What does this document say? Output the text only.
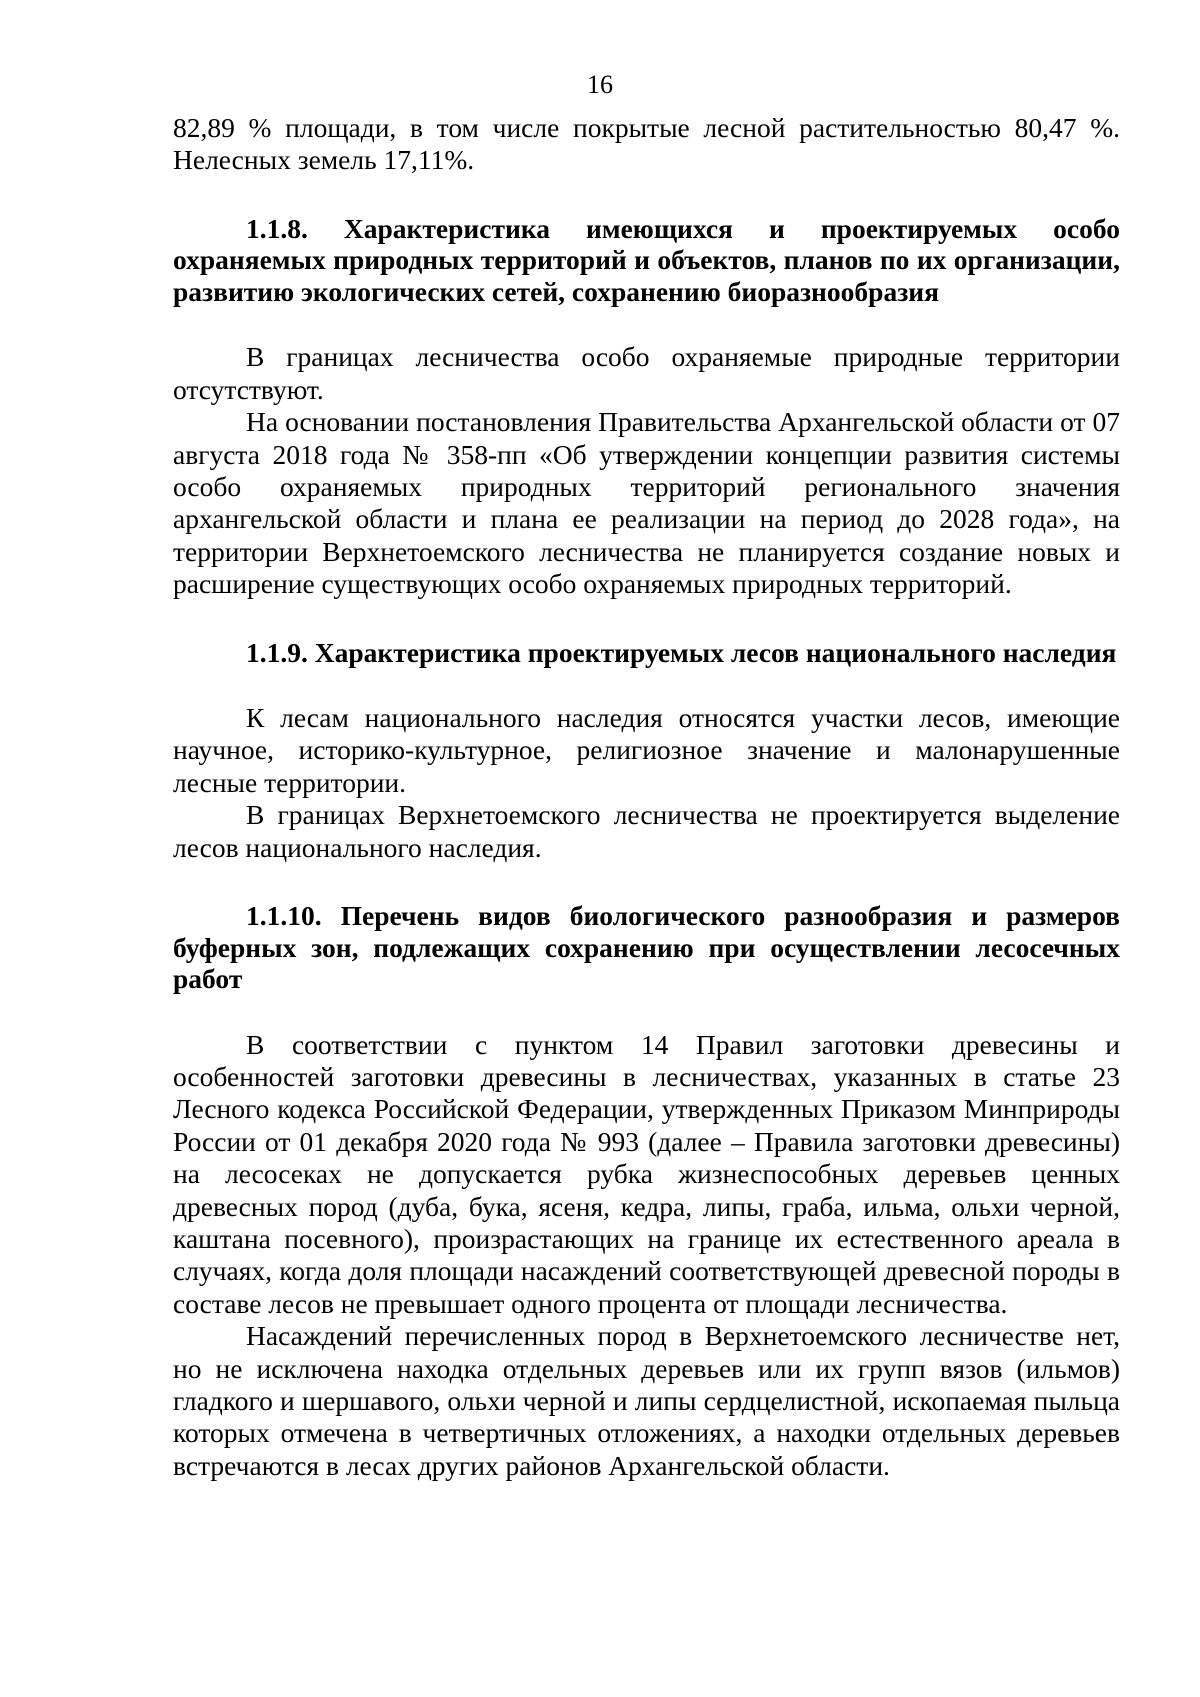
16

82,89 % площади, в том числе покрытые лесной растительностью 80,47 %. Нелесных земель 17,11%.

1.1.8. Характеристика имеющихся и проектируемых особо охраняемых природных территорий и объектов, планов по их организации, развитию экологических сетей, сохранению биоразнообразия

В границах лесничества особо охраняемые природные территории отсутствуют.

На основании постановления Правительства Архангельской области от 07 августа 2018 года № 358-пп «Об утверждении концепции развития системы особо охраняемых природных территорий регионального значения архангельской области и плана ее реализации на период до 2028 года», на территории Верхнетоемского лесничества не планируется создание новых и расширение существующих особо охраняемых природных территорий.

1.1.9. Характеристика проектируемых лесов национального наследия

К лесам национального наследия относятся участки лесов, имеющие научное, историко-культурное, религиозное значение и малонарушенные лесные территории.

В границах Верхнетоемского лесничества не проектируется выделение лесов национального наследия.

1.1.10. Перечень видов биологического разнообразия и размеров буферных зон, подлежащих сохранению при осуществлении лесосечных работ

В соответствии с пунктом 14 Правил заготовки древесины и особенностей заготовки древесины в лесничествах, указанных в статье 23 Лесного кодекса Российской Федерации, утвержденных Приказом Минприроды России от 01 декабря 2020 года № 993 (далее – Правила заготовки древесины) на лесосеках не допускается рубка жизнеспособных деревьев ценных древесных пород (дуба, бука, ясеня, кедра, липы, граба, ильма, ольхи черной, каштана посевного), произрастающих на границе их естественного ареала в случаях, когда доля площади насаждений соответствующей древесной породы в составе лесов не превышает одного процента от площади лесничества.

Насаждений перечисленных пород в Верхнетоемского лесничестве нет, но не исключена находка отдельных деревьев или их групп вязов (ильмов) гладкого и шершавого, ольхи черной и липы сердцелистной, ископаемая пыльца которых отмечена в четвертичных отложениях, а находки отдельных деревьев встречаются в лесах других районов Архангельской области.
